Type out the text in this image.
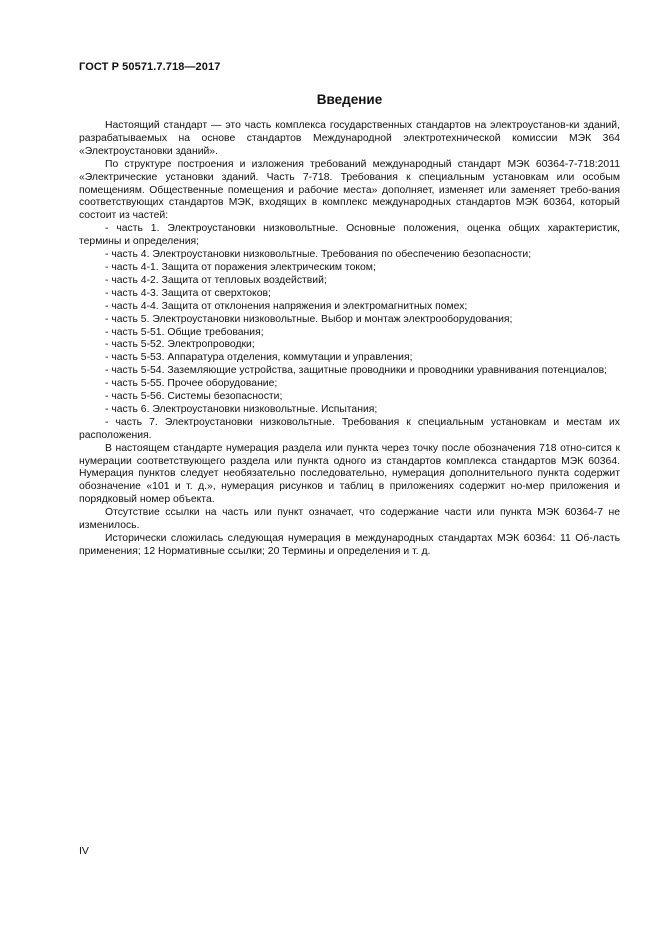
ГОСТ Р 50571.7.718—2017
Введение

Настоящий стандарт — это часть комплекса государственных стандартов на электроустанов-ки зданий, разрабатываемых на основе стандартов Международной электротехнической комиссии МЭК 364 «Электроустановки зданий».

По структуре построения и изложения требований международный стандарт МЭК 60364-7-718:2011 «Электрические установки зданий. Часть 7-718. Требования к специальным установкам или особым помещениям. Общественные помещения и рабочие места» дополняет, изменяет или заменяет требо-вания соответствующих стандартов МЭК, входящих в комплекс международных стандартов МЭК 60364, который состоит из частей:

- часть 1. Электроустановки низковольтные. Основные положения, оценка общих характеристик, термины и определения;
- часть 4. Электроустановки низковольтные. Требования по обеспечению безопасности;
- часть 4-1. Защита от поражения электрическим током;
- часть 4-2. Защита от тепловых воздействий;
- часть 4-3. Защита от сверхтоков;
- часть 4-4. Защита от отклонения напряжения и электромагнитных помех;
- часть 5. Электроустановки низковольтные. Выбор и монтаж электрооборудования;
- часть 5-51. Общие требования;
- часть 5-52. Электропроводки;
- часть 5-53. Аппаратура отделения, коммутации и управления;
- часть 5-54. Заземляющие устройства, защитные проводники и проводники уравнивания потенциалов;
- часть 5-55. Прочее оборудование;
- часть 5-56. Системы безопасности;
- часть 6. Электроустановки низковольтные. Испытания;
- часть 7. Электроустановки низковольтные. Требования к специальным установкам и местам их расположения.

В настоящем стандарте нумерация раздела или пункта через точку после обозначения 718 отно-сится к нумерации соответствующего раздела или пункта одного из стандартов комплекса стандартов МЭК 60364. Нумерация пунктов следует необязательно последовательно, нумерация дополнительного пункта содержит обозначение «101 и т. д.», нумерация рисунков и таблиц в приложениях содержит но-мер приложения и порядковый номер объекта.

Отсутствие ссылки на часть или пункт означает, что содержание части или пункта МЭК 60364-7 не изменилось.

Исторически сложилась следующая нумерация в международных стандартах МЭК 60364: 11 Об-ласть применения; 12 Нормативные ссылки; 20 Термины и определения и т. д.

IV
